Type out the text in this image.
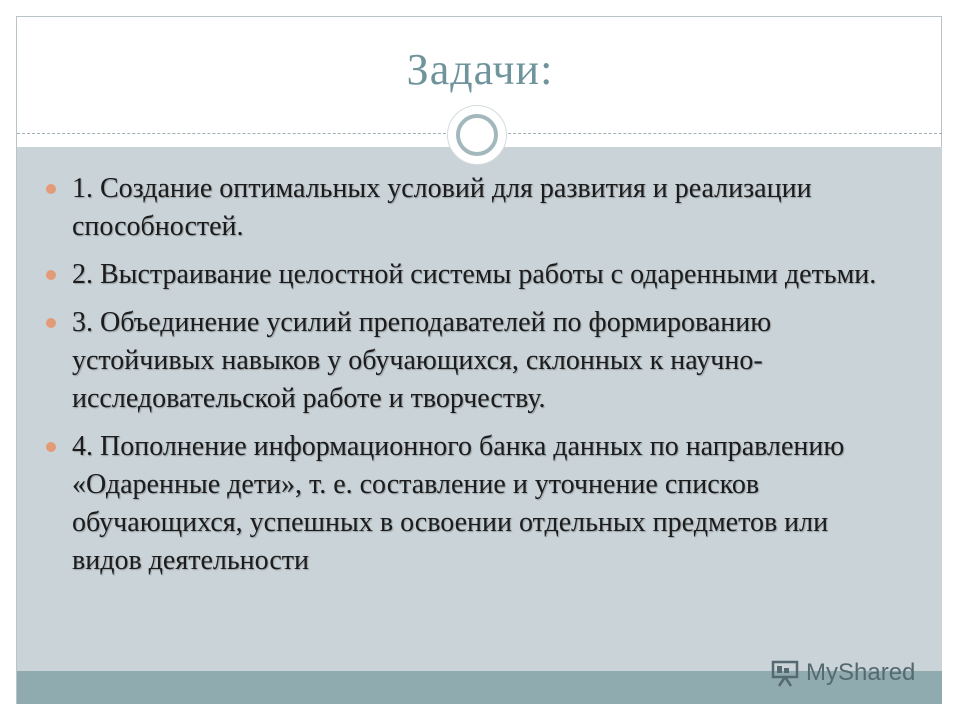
Задачи:
1. Создание оптимальных условий для развития и реализации способностей.
2. Выстраивание целостной системы работы с одаренными детьми.
3. Объединение усилий преподавателей по формированию устойчивых навыков у обучающихся, склонных к научно-исследовательской работе и творчеству.
4. Пополнение информационного банка данных по направлению «Одаренные дети», т. е. составление и уточнение списков обучающихся, успешных в освоении отдельных предметов или видов деятельности
MyShared
